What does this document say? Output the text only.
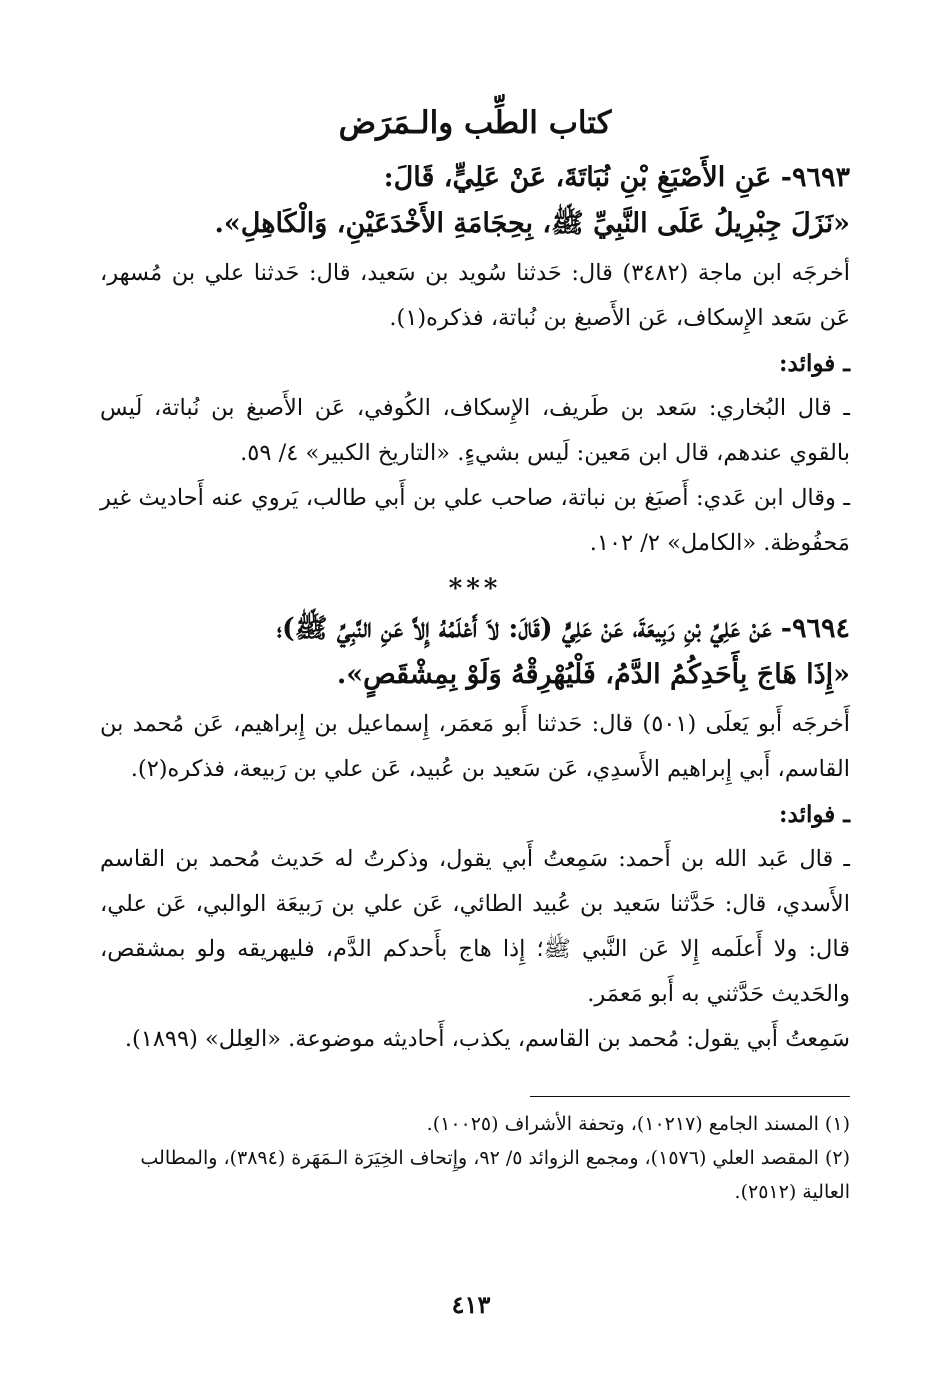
كتاب الطِّب والـمَرَض

٩٦٩٣- عَنِ الأَصْبَغِ بْنِ نُبَاتَةَ، عَنْ عَلِيٍّ، قَالَ:

«نَزَلَ جِبْرِيلُ عَلَى النَّبِيِّ ﷺ، بِحِجَامَةِ الأَخْدَعَيْنِ، وَالْكَاهِلِ».

أخرجَه ابن ماجة (٣٤٨٢) قال: حَدثنا سُويد بن سَعيد، قال: حَدثنا علي بن مُسهر، عَن سَعد الإِسكاف، عَن الأَصبغ بن نُباتة، فذكره(١).

ـ فوائد:

ـ قال البُخاري: سَعد بن طَريف، الإِسكاف، الكُوفي، عَن الأَصبغ بن نُباتة، لَيس بالقوي عندهم، قال ابن مَعين: لَيس بشيءٍ. «التاريخ الكبير» ٤/ ٥٩.

ـ وقال ابن عَدي: أَصبَغ بن نباتة، صاحب علي بن أَبي طالب، يَروي عنه أَحاديث غير مَحفُوظة. «الكامل» ٢/ ١٠٢.

***

٩٦٩٤- عَنْ عَلِيِّ بْنِ رَبِيعَةَ، عَنْ عَلِيٍّ (قَالَ: لاَ أَعْلَمُهُ إِلاَّ عَنِ النَّبِيِّ ﷺ)؛

«إِذَا هَاجَ بِأَحَدِكُمُ الدَّمُ، فَلْيُهْرِقْهُ وَلَوْ بِمِشْقَصٍ».

أَخرجَه أَبو يَعلَى (٥٠١) قال: حَدثنا أَبو مَعمَر، إِسماعيل بن إِبراهيم، عَن مُحمد بن القاسم، أَبي إِبراهيم الأَسدِي، عَن سَعيد بن عُبيد، عَن علي بن رَبيعة، فذكره(٢).

ـ فوائد:

ـ قال عَبد الله بن أَحمد: سَمِعتُ أَبي يقول، وذكرتُ له حَديث مُحمد بن القاسم الأَسدي، قال: حَدَّثنا سَعيد بن عُبيد الطائي، عَن علي بن رَبيعَة الوالبي، عَن علي، قال: ولا أَعلَمه إِلا عَن النَّبي ﷺ؛ إِذا هاج بأَحدكم الدَّم، فليهريقه ولو بمشقص، والحَديث حَدَّثني به أَبو مَعمَر.

سَمِعتُ أَبي يقول: مُحمد بن القاسم، يكذب، أَحاديثه موضوعة. «العِلل» (١٨٩٩).

(١) المسند الجامع (١٠٢١٧)، وتحفة الأشراف (١٠٠٢٥).

(٢) المقصد العلي (١٥٧٦)، ومجمع الزوائد ٥/ ٩٢، وإِتحاف الخِيَرَة الـمَهَرة (٣٨٩٤)، والمطالب العالية (٢٥١٢).

٤١٣
